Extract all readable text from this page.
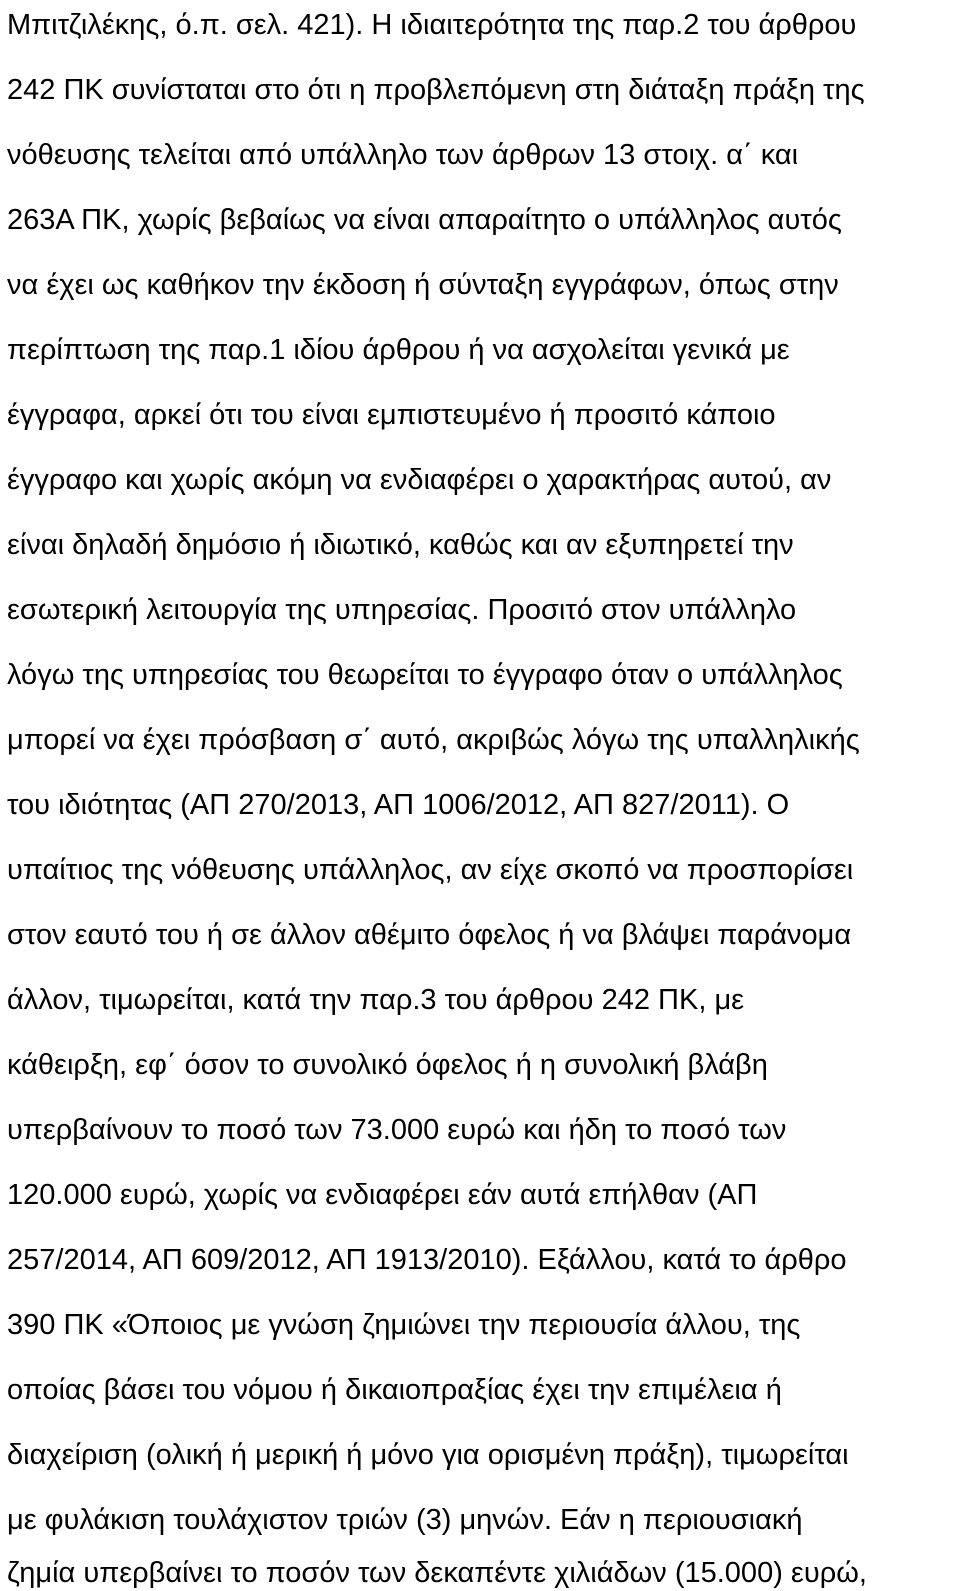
Μπιτζιλέκης, ό.π. σελ. 421). Η ιδιαιτερότητα της παρ.2 του άρθρου
242 ΠΚ συνίσταται στο ότι η προβλεπόμενη στη διάταξη πράξη της
νόθευσης τελείται από υπάλληλο των άρθρων 13 στοιχ. α΄ και
263Α ΠΚ, χωρίς βεβαίως να είναι απαραίτητο ο υπάλληλος αυτός
να έχει ως καθήκον την έκδοση ή σύνταξη εγγράφων, όπως στην
περίπτωση της παρ.1 ιδίου άρθρου ή να ασχολείται γενικά με
έγγραφα, αρκεί ότι του είναι εμπιστευμένο ή προσιτό κάποιο
έγγραφο και χωρίς ακόμη να ενδιαφέρει ο χαρακτήρας αυτού, αν
είναι δηλαδή δημόσιο ή ιδιωτικό, καθώς και αν εξυπηρετεί την
εσωτερική λειτουργία της υπηρεσίας. Προσιτό στον υπάλληλο
λόγω της υπηρεσίας του θεωρείται το έγγραφο όταν ο υπάλληλος
μπορεί να έχει πρόσβαση σ΄ αυτό, ακριβώς λόγω της υπαλληλικής
του ιδιότητας (ΑΠ 270/2013, ΑΠ 1006/2012, ΑΠ 827/2011). Ο
υπαίτιος της νόθευσης υπάλληλος, αν είχε σκοπό να προσπορίσει
στον εαυτό του ή σε άλλον αθέμιτο όφελος ή να βλάψει παράνομα
άλλον, τιμωρείται, κατά την παρ.3 του άρθρου 242 ΠΚ, με
κάθειρξη, εφ΄ όσον το συνολικό όφελος ή η συνολική βλάβη
υπερβαίνουν το ποσό των 73.000 ευρώ και ήδη το ποσό των
120.000 ευρώ, χωρίς να ενδιαφέρει εάν αυτά επήλθαν (ΑΠ
257/2014, ΑΠ 609/2012, ΑΠ 1913/2010). Εξάλλου, κατά το άρθρο
390 ΠΚ «Όποιος με γνώση ζημιώνει την περιουσία άλλου, της
οποίας βάσει του νόμου ή δικαιοπραξίας έχει την επιμέλεια ή
διαχείριση (ολική ή μερική ή μόνο για ορισμένη πράξη), τιμωρείται
με φυλάκιση τουλάχιστον τριών (3) μηνών. Εάν η περιουσιακή
ζημία υπερβαίνει το ποσόν των δεκαπέντε χιλιάδων (15.000) ευρώ,
